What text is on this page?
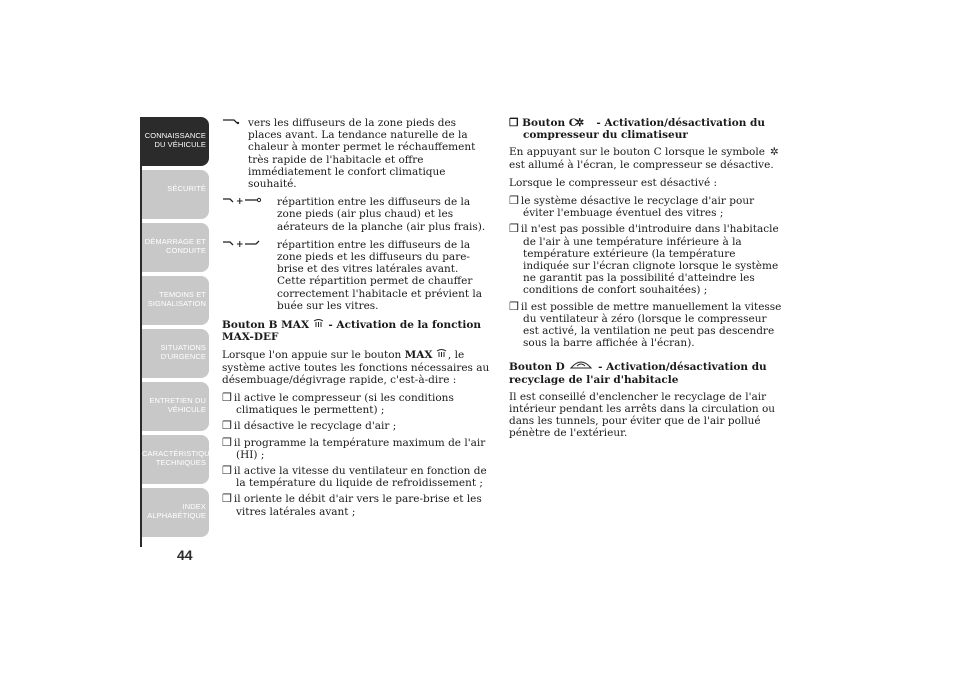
CONNAISSANCE DU VÉHICULE
SÉCURITÉ
DÉMARRAGE ET CONDUITE
TEMOINS ET SIGNALISATION
SITUATIONS D'URGENCE
ENTRETIEN DU VÉHICULE
CARACTÉRISTIQUES TECHNIQUES
INDEX ALPHABÉTIQUE
44
vers les diffuseurs de la zone pieds des places avant. La tendance naturelle de la chaleur à monter permet le réchauffement très rapide de l'habitacle et offre immédiatement le confort climatique souhaité.
+	répartition entre les diffuseurs de la zone pieds (air plus chaud) et les aérateurs de la planche (air plus frais).
+	répartition entre les diffuseurs de la zone pieds et les diffuseurs du pare-brise et des vitres latérales avant. Cette répartition permet de chauffer correctement l'habitacle et prévient la buée sur les vitres.

Bouton B MAX - Activation de la fonction MAX-DEF

Lorsque l'on appuie sur le bouton MAX , le système active toutes les fonctions nécessaires au désembuage/dégivrage rapide, c'est-à-dire :

❒ il active le compresseur (si les conditions climatiques le permettent) ;
❒ il désactive le recyclage d'air ;
❒ il programme la température maximum de l'air (HI) ;
❒ il active la vitesse du ventilateur en fonction de la température du liquide de refroidissement ;
❒ il oriente le débit d'air vers le pare-brise et les vitres latérales avant ;

❒ Bouton C ✲ - Activation/désactivation du compresseur du climatiseur

En appuyant sur le bouton C lorsque le symbole ✲est allumé à l'écran, le compresseur se désactive.

Lorsque le compresseur est désactivé :

❒ le système désactive le recyclage d'air pour éviter l'embuage éventuel des vitres ;
❒ il n'est pas possible d'introduire dans l'habitacle de l'air à une température inférieure à la température extérieure (la température indiquée sur l'écran clignote lorsque le système ne garantit pas la possibilité d'atteindre les conditions de confort souhaitées) ;
❒ il est possible de mettre manuellement la vitesse du ventilateur à zéro (lorsque le compresseur est activé, la ventilation ne peut pas descendre sous la barre affichée à l'écran).

Bouton D	- Activation/désactivation du recyclage de l'air d'habitacle

Il est conseillé d'enclencher le recyclage de l'air intérieur pendant les arrêts dans la circulation ou dans les tunnels, pour éviter que de l'air pollué pénètre de l'extérieur.
